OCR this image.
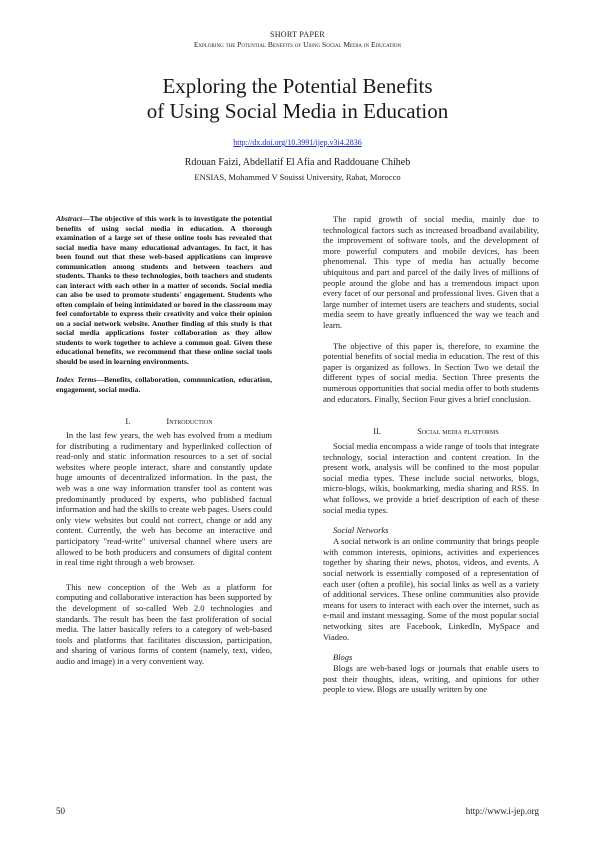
SHORT PAPER
Exploring the Potential Benefits of Using Social Media in Education
Exploring the Potential Benefits
of Using Social Media in Education
http://dx.doi.org/10.3991/ijep.v3i4.2836
Rdouan Faizi, Abdellatif El Afia and Raddouane Chiheb
ENSIAS, Mohammed V Souissi University, Rabat, Morocco

Abstract—The objective of this work is to investigate the potential benefits of using social media in education. A thorough examination of a large set of these online tools has revealed that social media have many educational advantages. In fact, it has been found out that these web-based applications can improve communication among students and between teachers and students. Thanks to these technologies, both teachers and students can interact with each other in a matter of seconds. Social media can also be used to promote students' engagement. Students who often complain of being intimidated or bored in the classroom may feel comfortable to express their creativity and voice their opinion on a social network website. Another finding of this study is that social media applications foster collaboration as they allow students to work together to achieve a common goal. Given these educational benefits, we recommend that these online social tools should be used in learning environments.

Index Terms—Benefits, collaboration, communication, education, engagement, social media.

I.	Introduction

In the last few years, the web has evolved from a medium for distributing a rudimentary and hyperlinked collection of read-only and static information resources to a set of social websites where people interact, share and constantly update huge amounts of decentralized information. In the past, the web was a one way information transfer tool as content was predominantly produced by experts, who published factual information and had the skills to create web pages. Users could only view websites but could not correct, change or add any content. Currently, the web has become an interactive and participatory "read-write" universal channel where users are allowed to be both producers and consumers of digital content in real time right through a web browser.

This new conception of the Web as a platform for computing and collaborative interaction has been supported by the development of so-called Web 2.0 technologies and standards. The result has been the fast proliferation of social media. The latter basically refers to a category of web-based tools and platforms that facilitates discussion, participation, and sharing of various forms of content (namely, text, video, audio and image) in a very convenient way.

The rapid growth of social media, mainly due to technological factors such as increased broadband availability, the improvement of software tools, and the development of more powerful computers and mobile devices, has been phenomenal. This type of media has actually become ubiquitous and part and parcel of the daily lives of millions of people around the globe and has a tremendous impact upon every facet of our personal and professional lives. Given that a large number of internet users are teachers and students, social media seem to have greatly influenced the way we teach and learn.

The objective of this paper is, therefore, to examine the potential benefits of social media in education. The rest of this paper is organized as follows. In Section Two we detail the different types of social media. Section Three presents the numerous opportunities that social media offer to both students and educators. Finally, Section Four gives a brief conclusion.

II.	Social media platforms

Social media encompass a wide range of tools that integrate technology, social interaction and content creation. In the present work, analysis will be confined to the most popular social media types. These include social networks, blogs, micro-blogs, wikis, bookmarking, media sharing and RSS. In what follows, we provide a brief description of each of these social media types.

Social Networks

A social network is an online community that brings people with common interests, opinions, activities and experiences together by sharing their news, photos, videos, and events. A social network is essentially composed of a representation of each user (often a profile), his social links as well as a variety of additional services. These online communities also provide means for users to interact with each over the internet, such as e-mail and instant messaging. Some of the most popular social networking sites are Facebook, LinkedIn, MySpace and Viadeo.

Blogs

Blogs are web-based logs or journals that enable users to post their thoughts, ideas, writing, and opinions for other people to view. Blogs are usually written by one

50	http://www.i-jep.org
